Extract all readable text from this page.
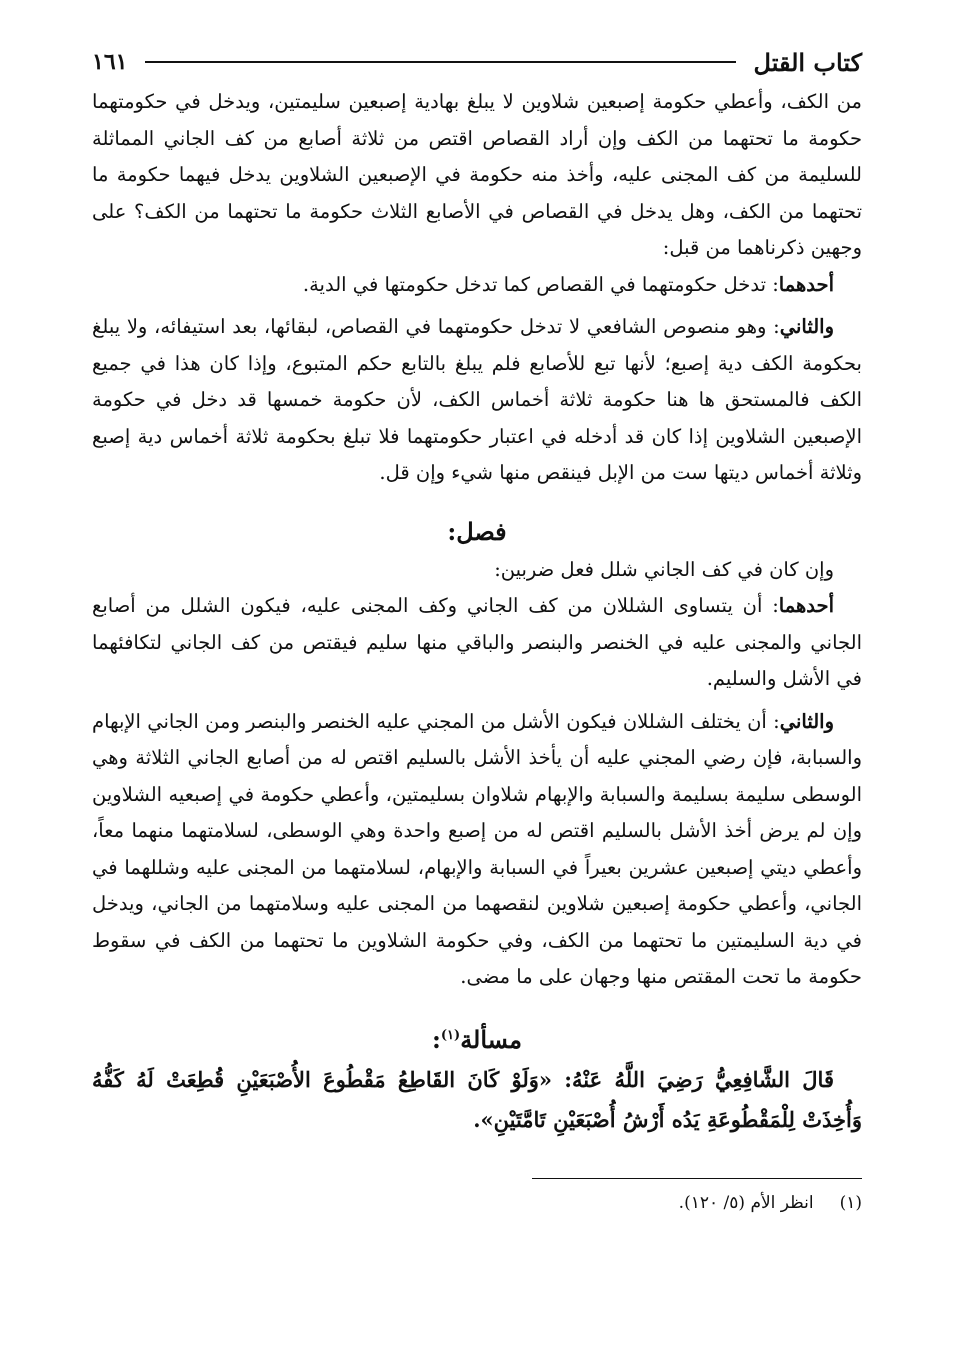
كتاب القتل
١٦١

من الكف، وأعطي حكومة إصبعين شلاوين لا يبلغ بهادية إصبعين سليمتين، ويدخل في حكومتهما حكومة ما تحتهما من الكف وإن أراد القصاص اقتص من ثلاثة أصابع من كف الجاني المماثلة للسليمة من كف المجنى عليه، وأخذ منه حكومة في الإصبعين الشلاوين يدخل فيهما حكومة ما تحتهما من الكف، وهل يدخل في القصاص في الأصابع الثلاث حكومة ما تحتهما من الكف؟ على وجهين ذكرناهما من قبل:

أحدهما: تدخل حكومتهما في القصاص كما تدخل حكومتها في الدية.

والثاني: وهو منصوص الشافعي لا تدخل حكومتهما في القصاص، لبقائها، بعد استيفائه، ولا يبلغ بحكومة الكف دية إصبع؛ لأنها تبع للأصابع فلم يبلغ بالتابع حكم المتبوع، وإذا كان هذا في جميع الكف فالمستحق ها هنا حكومة ثلاثة أخماس الكف، لأن حكومة خمسها قد دخل في حكومة الإصبعين الشلاوين إذا كان قد أدخله في اعتبار حكومتهما فلا تبلغ بحكومة ثلاثة أخماس دية إصبع وثلاثة أخماس ديتها ست من الإبل فينقص منها شيء وإن قل.

فصل:

وإن كان في كف الجاني شلل فعل ضربين:

أحدهما: أن يتساوى الشللان من كف الجاني وكف المجنى عليه، فيكون الشلل من أصابع الجاني والمجنى عليه في الخنصر والبنصر والباقي منها سليم فيقتص من كف الجاني لتكافئهما في الأشل والسليم.

والثاني: أن يختلف الشللان فيكون الأشل من المجني عليه الخنصر والبنصر ومن الجاني الإبهام والسبابة، فإن رضي المجني عليه أن يأخذ الأشل بالسليم اقتص له من أصابع الجاني الثلاثة وهي الوسطى سليمة بسليمة والسبابة والإبهام شلاوان بسليمتين، وأعطي حكومة في إصبعيه الشلاوين وإن لم يرض أخذ الأشل بالسليم اقتص له من إصبع واحدة وهي الوسطى، لسلامتهما منهما معاً، وأعطي ديتي إصبعين عشرين بعيراً في السبابة والإبهام، لسلامتهما من المجنى عليه وشللهما في الجاني، وأعطي حكومة إصبعين شلاوين لنقصهما من المجنى عليه وسلامتهما من الجاني، ويدخل في دية السليمتين ما تحتهما من الكف، وفي حكومة الشلاوين ما تحتهما من الكف في سقوط حكومة ما تحت المقتص منها وجهان على ما مضى.

مسألة$^{(١)}$:

قَالَ الشَّافِعِيُّ رَضِيَ اللَّهُ عَنْهُ: «وَلَوْ كَانَ القَاطِعُ مَقْطُوعَ الأُصْبَعَيْنِ قُطِعَتْ لَهُ كَفُّهُ وَأُخِذَتْ لِلْمَقْطُوعَةِ يَدُه أَرْشُ أُصْبَعَيْنِ تَامَّتَيْنِ».

(١)انظر الأم (٥/ ١٢٠).
